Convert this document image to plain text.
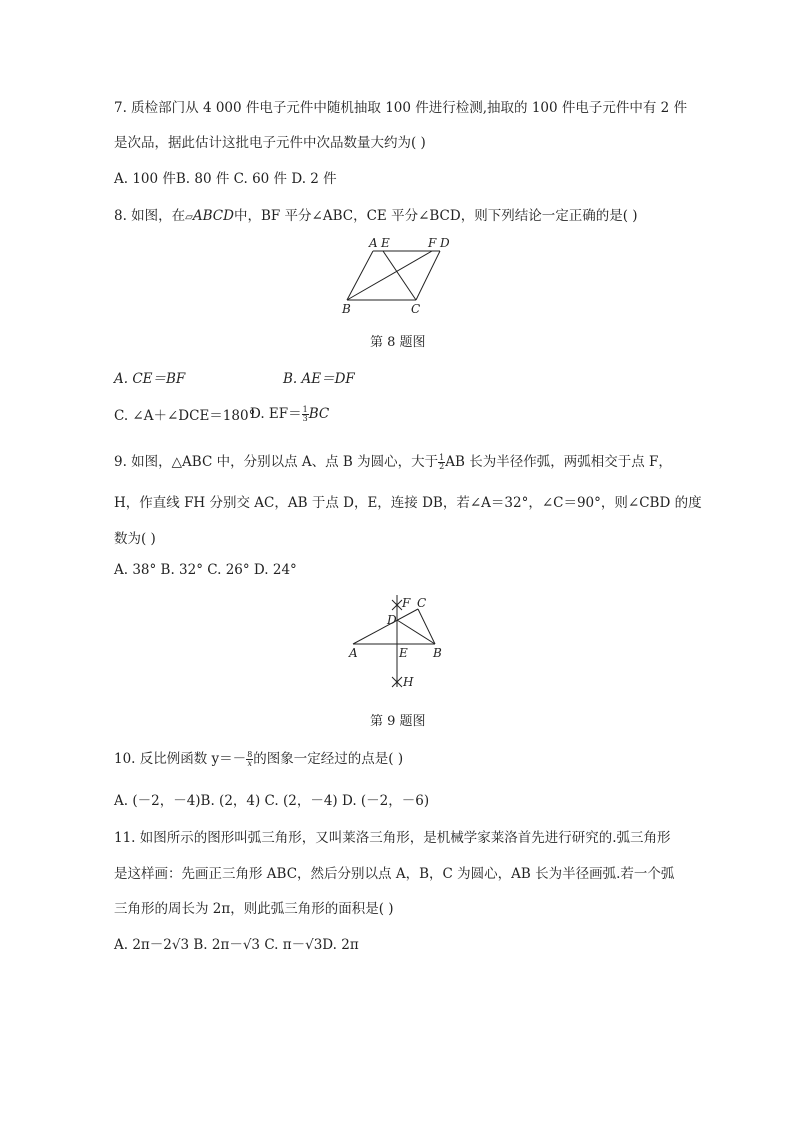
7. 质检部门从 4 000 件电子元件中随机抽取 100 件进行检测,抽取的 100 件电子元件中有 2 件
是次品，据此估计这批电子元件中次品数量大约为( )
A. 100 件B. 80 件 C. 60 件 D. 2 件
8. 如图，在▱ABCD中，BF 平分∠ABC，CE 平分∠BCD，则下列结论一定正确的是( )
A E	F D
B	C
第 8 题图
A. CE＝BF	B. AE＝DF
C. ∠A＋∠DCE＝180°
D. $EF= \frac{1}{3}$ BC
9. 如图，△ABC 中，分别以点 A、点 B 为圆心，大于 $\frac{1}{2}$ AB 长为半径作弧，两弧相交于点 F，
H，作直线 FH 分别交 AC，AB 于点 D，E，连接 DB，若∠A＝32°，∠C＝90°，则∠CBD 的度
数为( )
A. 38° B. 32° C. 26° D. 24°
F C
D
A	E B
H
第 9 题图
10. 反比例函数 $y=- \frac{8}{x}$ 的图象一定经过的点是( )
A. (－2，－4)B. (2，4) C. (2，－4) D. (－2，－6)
11. 如图所示的图形叫弧三角形，又叫莱洛三角形，是机械学家莱洛首先进行研究的.弧三角形
是这样画：先画正三角形 ABC，然后分别以点 A，B，C 为圆心，AB 长为半径画弧.若一个弧
三角形的周长为 2π，则此弧三角形的面积是( )
A. 2π－2√3 B. 2π－√3 C. π－√3D. 2π
